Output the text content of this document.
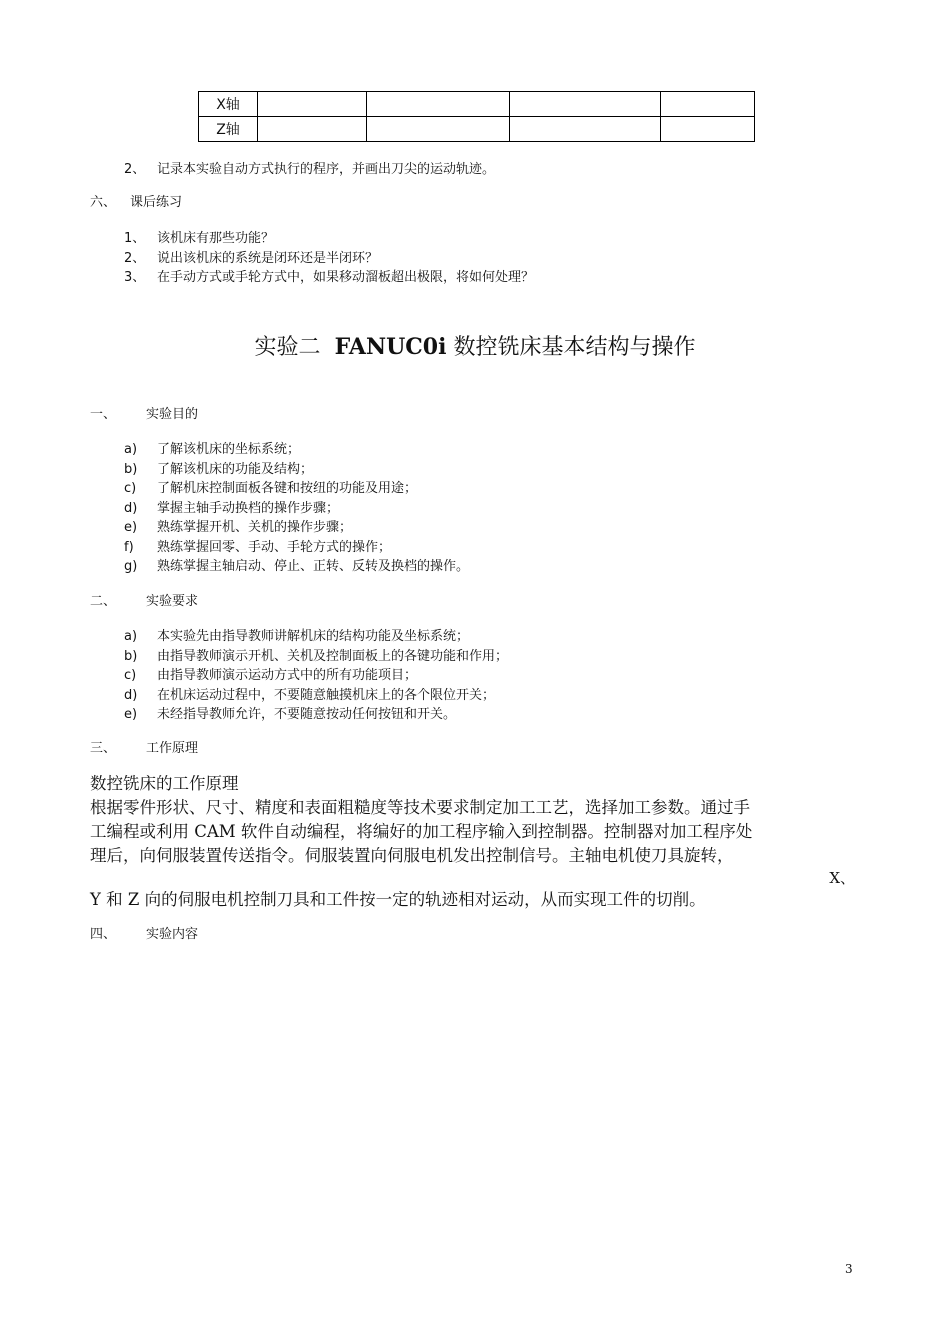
X轴				
Z轴				
2、 记录本实验自动方式执行的程序，并画出刀尖的运动轨迹。
六、 课后练习
1、 该机床有那些功能？
2、 说出该机床的系统是闭环还是半闭环？
3、 在手动方式或手轮方式中，如果移动溜板超出极限，将如何处理？
实验二 FANUC0i 数控铣床基本结构与操作
一、 实验目的
a) 了解该机床的坐标系统；
b) 了解该机床的功能及结构；
c) 了解机床控制面板各键和按纽的功能及用途；
d) 掌握主轴手动换档的操作步骤；
e) 熟练掌握开机、关机的操作步骤；
f) 熟练掌握回零、手动、手轮方式的操作；
g) 熟练掌握主轴启动、停止、正转、反转及换档的操作。
二、 实验要求
a) 本实验先由指导教师讲解机床的结构功能及坐标系统；
b) 由指导教师演示开机、关机及控制面板上的各键功能和作用；
c) 由指导教师演示运动方式中的所有功能项目；
d) 在机床运动过程中，不要随意触摸机床上的各个限位开关；
e) 未经指导教师允许，不要随意按动任何按钮和开关。
三、 工作原理
数控铣床的工作原理
根据零件形状、尺寸、精度和表面粗糙度等技术要求制定加工工艺，选择加工参数。通过手
工编程或利用 CAM 软件自动编程，将编好的加工程序输入到控制器。控制器对加工程序处
理后，向伺服装置传送指令。伺服装置向伺服电机发出控制信号。主轴电机使刀具旋转，
X、
Y 和 Z 向的伺服电机控制刀具和工件按一定的轨迹相对运动，从而实现工件的切削。
四、 实验内容
3
